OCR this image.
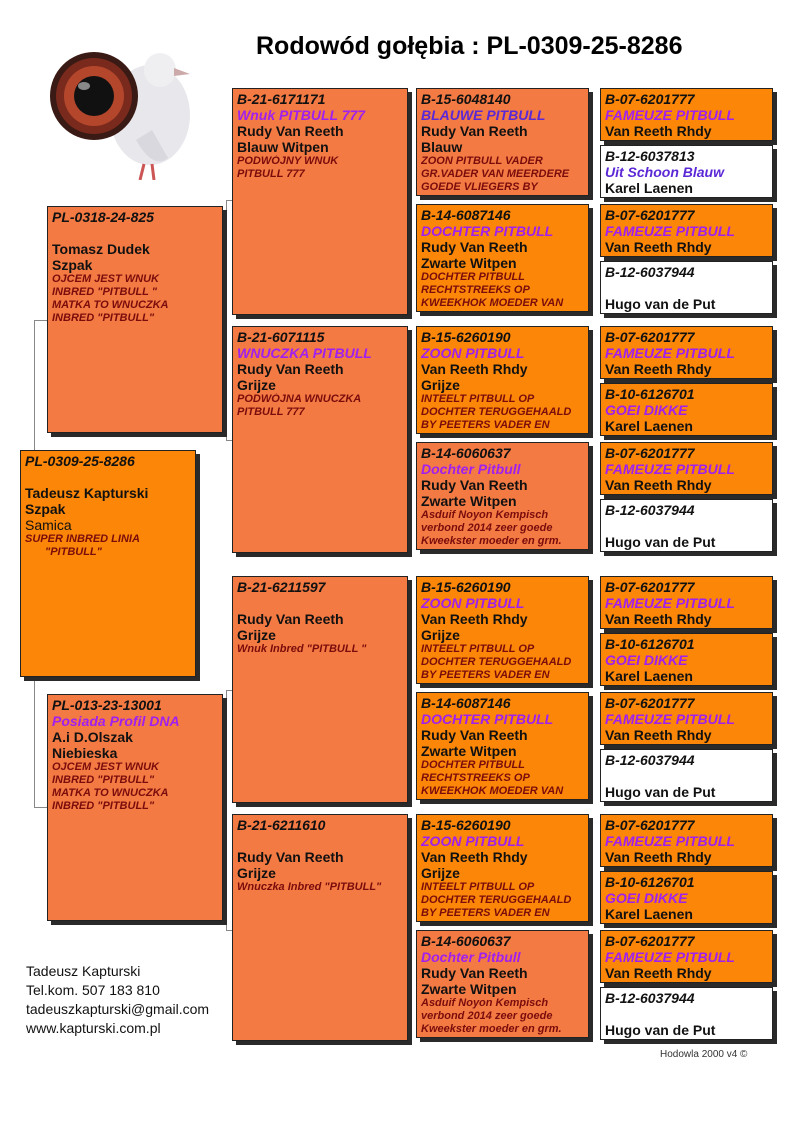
Rodowód gołębia : PL-0309-25-8286
PL-0309-25-8286
Tadeusz Kapturski
Szpak
Samica
SUPER INBRED LINIA
"PITBULL"
PL-0318-24-825
Tomasz Dudek
Szpak
OJCEM JEST WNUK
INBRED "PITBULL "
MATKA TO WNUCZKA
INBRED "PITBULL"
PL-013-23-13001
Posiada Profil DNA
A.i D.Olszak
Niebieska
OJCEM JEST WNUK
INBRED "PITBULL"
MATKA TO WNUCZKA
INBRED "PITBULL"
B-21-6171171
Wnuk PITBULL 777
Rudy Van Reeth
Blauw Witpen
PODWÓJNY WNUK
PITBULL 777
B-21-6071115
WNUCZKA PITBULL
Rudy Van Reeth
Grijze
PODWÓJNA WNUCZKA
PITBULL 777
B-21-6211597
Rudy Van Reeth
Grijze
Wnuk Inbred "PITBULL "
B-21-6211610
Rudy Van Reeth
Grijze
Wnuczka Inbred "PITBULL"
B-15-6048140
BLAUWE PITBULL
Rudy Van Reeth
Blauw
ZOON PITBULL VADER
GR.VADER VAN MEERDERE
GOEDE VLIEGERS BY
B-14-6087146
DOCHTER PITBULL
Rudy Van Reeth
Zwarte Witpen
DOCHTER PITBULL
RECHTSTREEKS OP
KWEEKHOK MOEDER VAN
B-15-6260190
ZOON PITBULL
Van Reeth Rhdy
Grijze
INTEELT PITBULL OP
DOCHTER TERUGGEHAALD
BY PEETERS VADER EN
B-14-6060637
Dochter Pitbull
Rudy Van Reeth
Zwarte Witpen
Asduif Noyon Kempisch
verbond 2014 zeer goede
Kweekster moeder en grm.
B-15-6260190
ZOON PITBULL
Van Reeth Rhdy
Grijze
INTEELT PITBULL OP
DOCHTER TERUGGEHAALD
BY PEETERS VADER EN
B-14-6087146
DOCHTER PITBULL
Rudy Van Reeth
Zwarte Witpen
DOCHTER PITBULL
RECHTSTREEKS OP
KWEEKHOK MOEDER VAN
B-15-6260190
ZOON PITBULL
Van Reeth Rhdy
Grijze
INTEELT PITBULL OP
DOCHTER TERUGGEHAALD
BY PEETERS VADER EN
B-14-6060637
Dochter Pitbull
Rudy Van Reeth
Zwarte Witpen
Asduif Noyon Kempisch
verbond 2014 zeer goede
Kweekster moeder en grm.
B-07-6201777
FAMEUZE PITBULL
Van Reeth Rhdy
B-12-6037813
Uit Schoon Blauw
Karel Laenen
B-07-6201777
FAMEUZE PITBULL
Van Reeth Rhdy
B-12-6037944
Hugo van de Put
B-07-6201777
FAMEUZE PITBULL
Van Reeth Rhdy
B-10-6126701
GOEI DIKKE
Karel Laenen
B-07-6201777
FAMEUZE PITBULL
Van Reeth Rhdy
B-12-6037944
Hugo van de Put
B-07-6201777
FAMEUZE PITBULL
Van Reeth Rhdy
B-10-6126701
GOEI DIKKE
Karel Laenen
B-07-6201777
FAMEUZE PITBULL
Van Reeth Rhdy
B-12-6037944
Hugo van de Put
B-07-6201777
FAMEUZE PITBULL
Van Reeth Rhdy
B-10-6126701
GOEI DIKKE
Karel Laenen
B-07-6201777
FAMEUZE PITBULL
Van Reeth Rhdy
B-12-6037944
Hugo van de Put
Tadeusz Kapturski
Tel.kom. 507 183 810
tadeuszkapturski@gmail.com
www.kapturski.com.pl
Hodowla 2000 v4 ©
